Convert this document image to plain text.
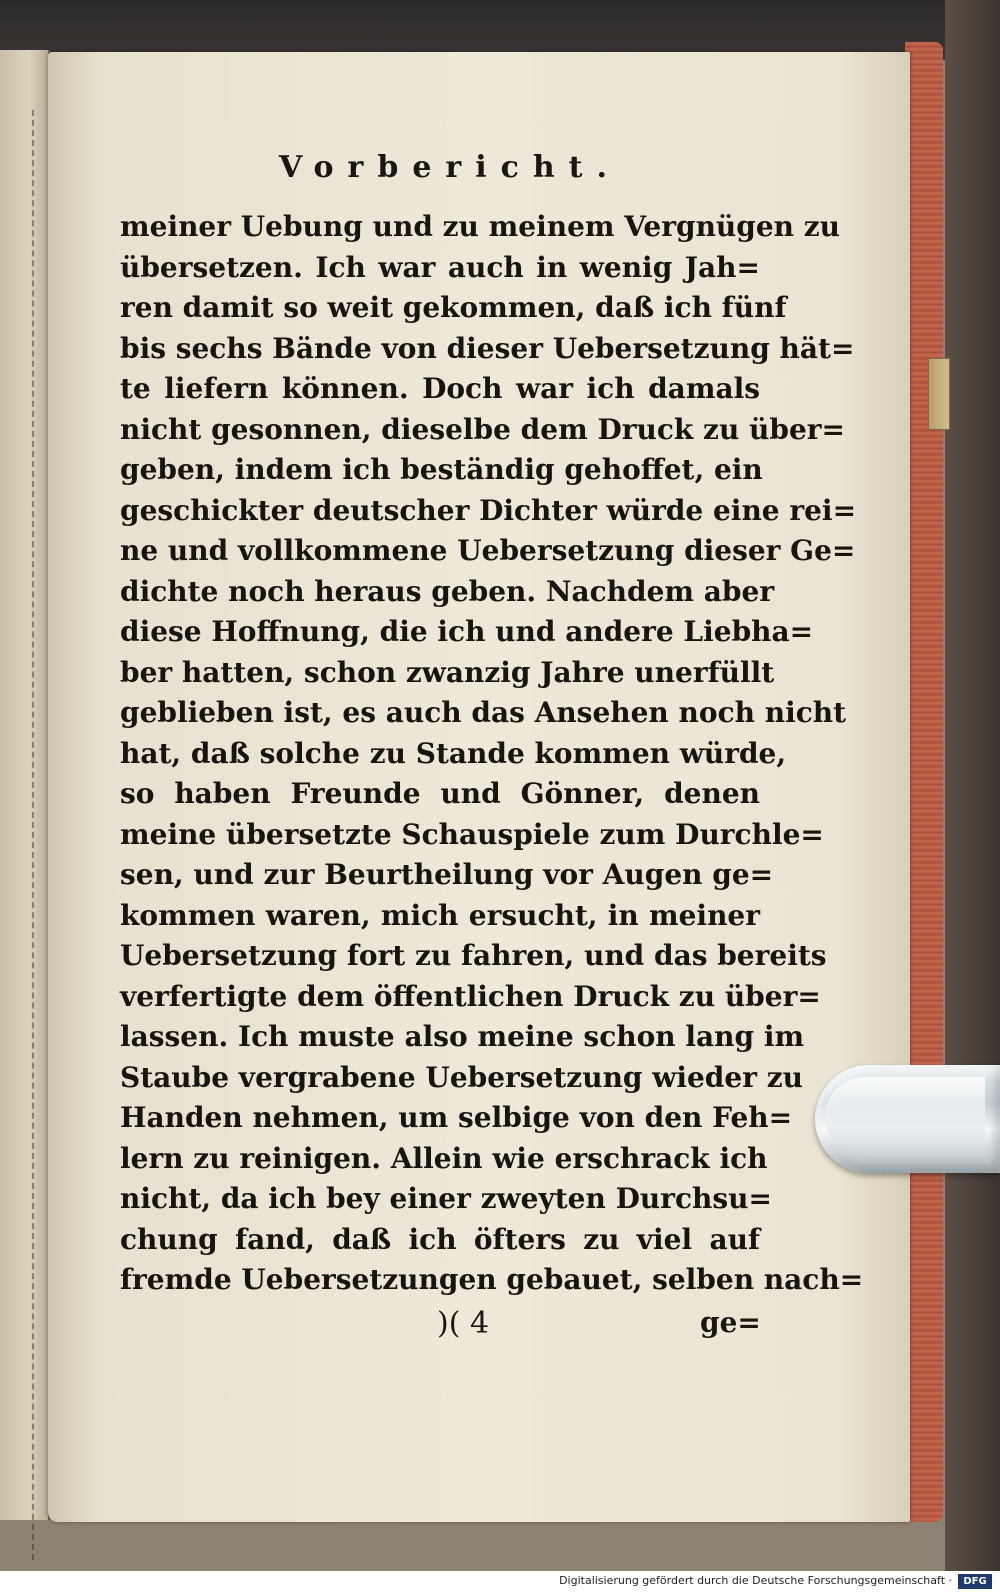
Vorbericht.
meiner Uebung und zu meinem Vergnügen zu
übersetzen. Ich war auch in wenig Jah=
ren damit so weit gekommen, daß ich fünf
bis sechs Bände von dieser Uebersetzung hät=
te liefern können. Doch war ich damals
nicht gesonnen, dieselbe dem Druck zu über=
geben, indem ich beständig gehoffet, ein
geschickter deutscher Dichter würde eine rei=
ne und vollkommene Uebersetzung dieser Ge=
dichte noch heraus geben. Nachdem aber
diese Hoffnung, die ich und andere Liebha=
ber hatten, schon zwanzig Jahre unerfüllt
geblieben ist, es auch das Ansehen noch nicht
hat, daß solche zu Stande kommen würde,
so haben Freunde und Gönner, denen
meine übersetzte Schauspiele zum Durchle=
sen, und zur Beurtheilung vor Augen ge=
kommen waren, mich ersucht, in meiner
Uebersetzung fort zu fahren, und das bereits
verfertigte dem öffentlichen Druck zu über=
lassen. Ich muste also meine schon lang im
Staube vergrabene Uebersetzung wieder zu
Handen nehmen, um selbige von den Feh=
lern zu reinigen. Allein wie erschrack ich
nicht, da ich bey einer zweyten Durchsu=
chung fand, daß ich öfters zu viel auf
fremde Uebersetzungen gebauet, selben nach=
)( 4	ge=
Digitalisierung gefördert durch die Deutsche Forschungsgemeinschaft ·	DFG
